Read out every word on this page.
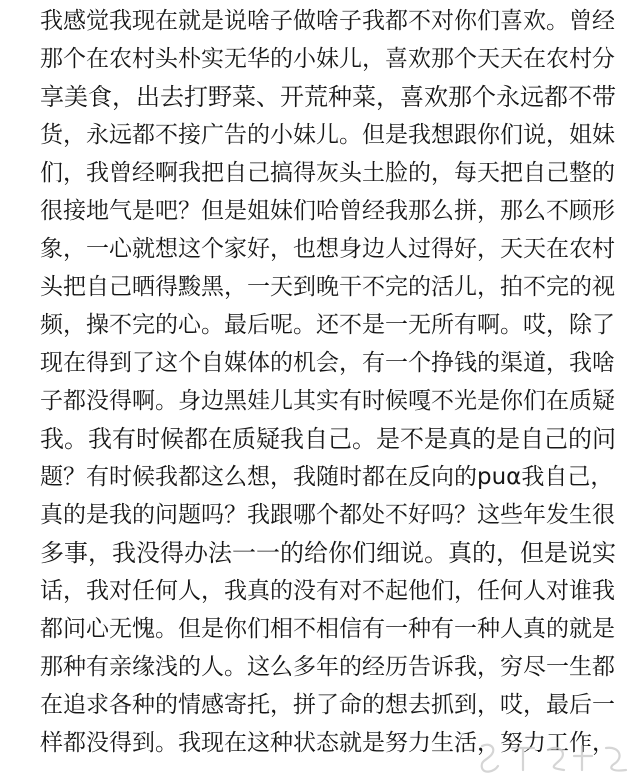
我感觉我现在就是说啥子做啥子我都不对你们喜欢。曾经
那个在农村头朴实无华的小妹儿，喜欢那个天天在农村分
享美食，出去打野菜、开荒种菜，喜欢那个永远都不带
货，永远都不接广告的小妹儿。但是我想跟你们说，姐妹
们，我曾经啊我把自己搞得灰头土脸的，每天把自己整的
很接地气是吧？但是姐妹们哈曾经我那么拼，那么不顾形
象，一心就想这个家好，也想身边人过得好，天天在农村
头把自己晒得黢黑，一天到晚干不完的活儿，拍不完的视
频，操不完的心。最后呢。还不是一无所有啊。哎，除了
现在得到了这个自媒体的机会，有一个挣钱的渠道，我啥
子都没得啊。身边黑娃儿其实有时候嘎不光是你们在质疑
我。我有时候都在质疑我自己。是不是真的是自己的问
题？有时候我都这么想，我随时都在反向的puα我自己，
真的是我的问题吗？我跟哪个都处不好吗？这些年发生很
多事，我没得办法一一的给你们细说。真的，但是说实
话，我对任何人，我真的没有对不起他们，任何人对谁我
都问心无愧。但是你们相不相信有一种有一种人真的就是
那种有亲缘浅的人。这么多年的经历告诉我，穷尽一生都
在追求各种的情感寄托，拼了命的想去抓到，哎，最后一
样都没得到。我现在这种状态就是努力生活，努力工作，
